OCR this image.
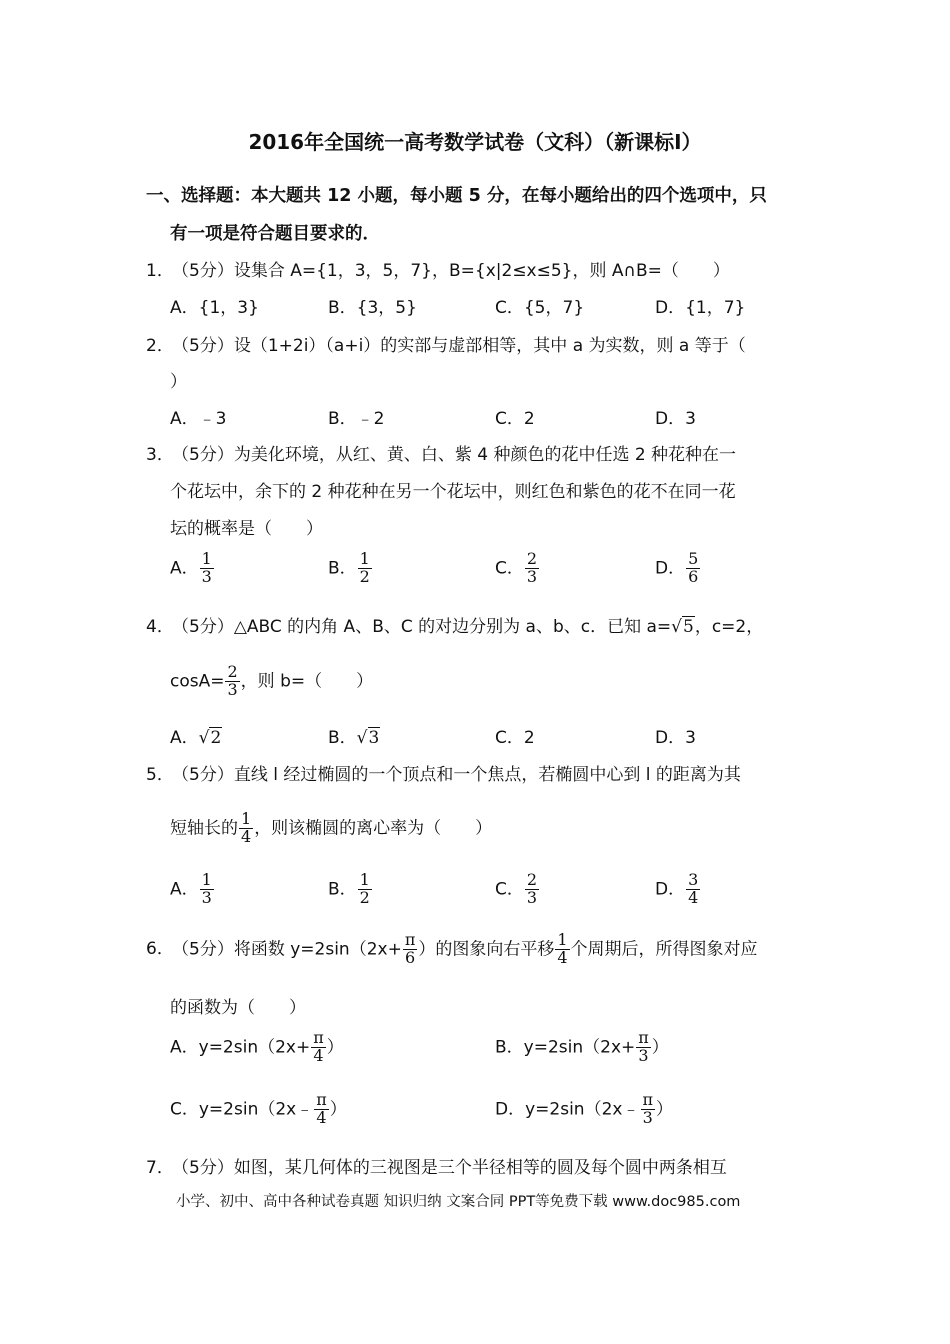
2016年全国统一高考数学试卷（文科）（新课标I）
一、选择题：本大题共 12 小题，每小题 5 分，在每小题给出的四个选项中，只
有一项是符合题目要求的．
1．（5分）设集合 A={1，3，5，7}，B={x|2≤x≤5}，则 A∩B=（　　）
A．{1，3}	B．{3，5}	C．{5，7}	D．{1，7}
2．（5分）设（1+2i）（a+i）的实部与虚部相等，其中 a 为实数，则 a 等于（
）
A．﹣3	B．﹣2	C．2	D．3
3．（5分）为美化环境，从红、黄、白、紫 4 种颜色的花中任选 2 种花种在一
个花坛中，余下的 2 种花种在另一个花坛中，则红色和紫色的花不在同一花
坛的概率是（　　）
A． $\frac{1}{3}$	B． $\frac{1}{2}$	C． $\frac{2}{3}$	D． $\frac{5}{6}$
4．（5分）△ABC 的内角 A、B、C 的对边分别为 a、b、c．已知 a=√5，c=2，
$\cos A= \frac{2}{3}$ ，则 b=（　　）
A．√2	B．√3	C．2	D．3
5．（5分）直线 l 经过椭圆的一个顶点和一个焦点，若椭圆中心到 l 的距离为其
短轴长的 $\frac{1}{4}$ ，则该椭圆的离心率为（　　）
A． $\frac{1}{3}$	B． $\frac{1}{2}$	C． $\frac{2}{3}$	D． $\frac{3}{4}$
6．（5分）将函数 $y=2\sin(2x+ \frac{\pi}{6}$ ）的图象向右平移 $\frac{1}{4}$ 个周期后，所得图象对应
的函数为（　　）
A．$y=2\sin(2x+ \frac{\pi}{4}$ ）	B．$y=2\sin(2x+ \frac{\pi}{3}$ ）
C．y=2sin（2x﹣ $\frac{\pi}{4}$ ）	D．y=2sin（2x﹣ $\frac{\pi}{3}$ ）
7．（5分）如图，某几何体的三视图是三个半径相等的圆及每个圆中两条相互
小学、初中、高中各种试卷真题 知识归纳 文案合同 PPT等免费下载 www.doc985.com
